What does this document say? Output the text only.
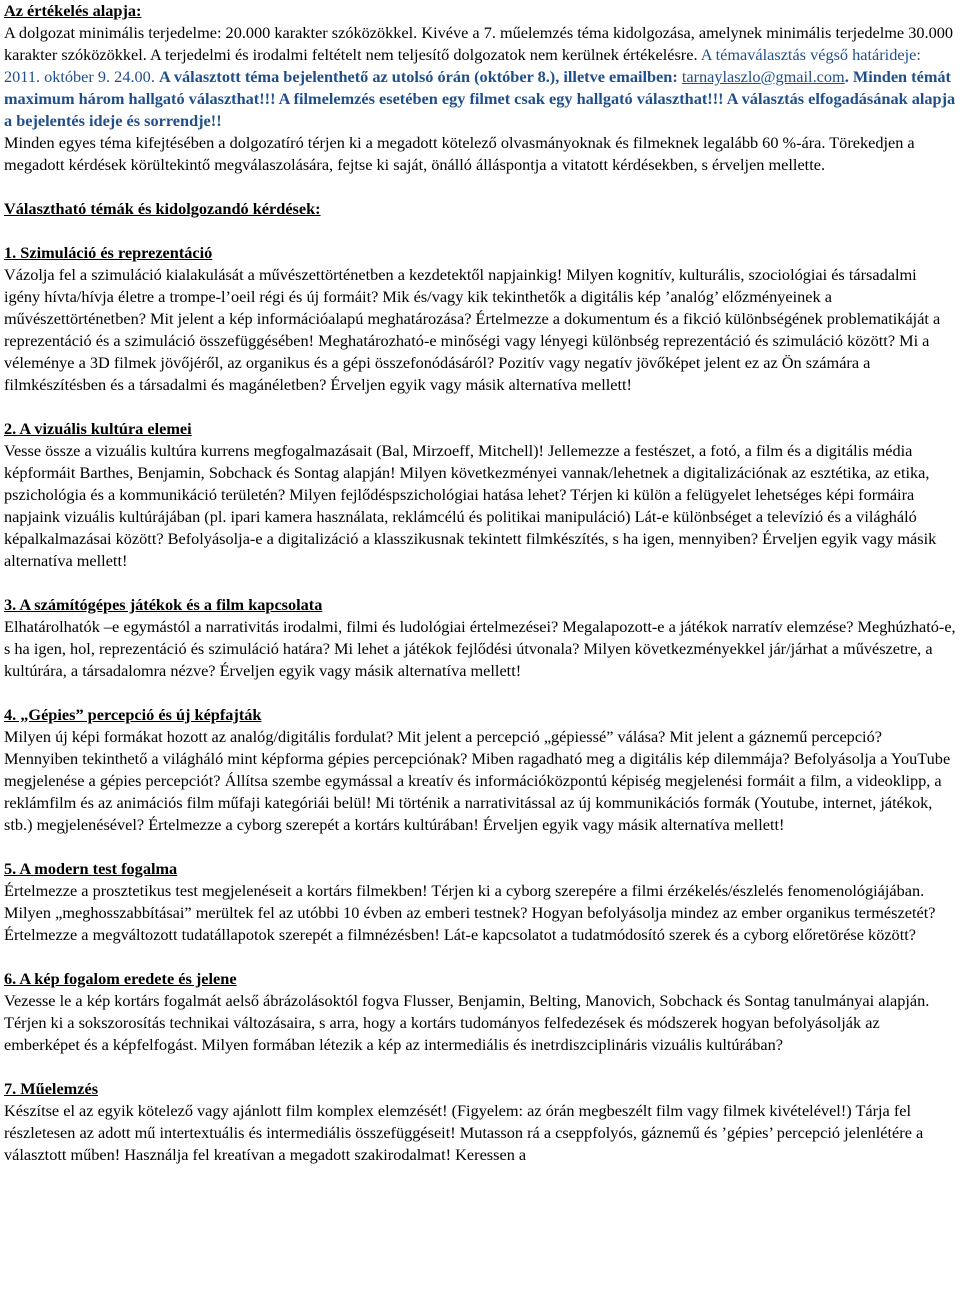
Az értékelés alapja:

A dolgozat minimális terjedelme: 20.000 karakter szóközökkel. Kivéve a 7. műelemzés téma kidolgozása, amelynek minimális terjedelme 30.000 karakter szóközökkel. A terjedelmi és irodalmi feltételt nem teljesítő dolgozatok nem kerülnek értékelésre. A témaválasztás végső határideje: 2011. október 9. 24.00. A választott téma bejelenthető az utolsó órán (október 8.), illetve emailben: tarnaylaszlo@gmail.com. Minden témát maximum három hallgató választhat!!! A filmelemzés esetében egy filmet csak egy hallgató választhat!!! A választás elfogadásának alapja a bejelentés ideje és sorrendje!!

Minden egyes téma kifejtésében a dolgozatíró térjen ki a megadott kötelező olvasmányoknak és filmeknek legalább 60 %-ára. Törekedjen a megadott kérdések körültekintő megválaszolására, fejtse ki saját, önálló álláspontja a vitatott kérdésekben, s érveljen mellette.

Választható témák és kidolgozandó kérdések:

1. Szimuláció és reprezentáció

Vázolja fel a szimuláció kialakulását a művészettörténetben a kezdetektől napjainkig! Milyen kognitív, kulturális, szociológiai és társadalmi igény hívta/hívja életre a trompe-l’oeil régi és új formáit? Mik és/vagy kik tekinthetők a digitális kép ’analóg’ előzményeinek a művészettörténetben? Mit jelent a kép információalapú meghatározása? Értelmezze a dokumentum és a fikció különbségének problematikáját a reprezentáció és a szimuláció összefüggésében! Meghatározható-e minőségi vagy lényegi különbség reprezentáció és szimuláció között? Mi a véleménye a 3D filmek jövőjéről, az organikus és a gépi összefonódásáról? Pozitív vagy negatív jövőképet jelent ez az Ön számára a filmkészítésben és a társadalmi és magánéletben? Érveljen egyik vagy másik alternatíva mellett!

2. A vizuális kultúra elemei

Vesse össze a vizuális kultúra kurrens megfogalmazásait (Bal, Mirzoeff, Mitchell)! Jellemezze a festészet, a fotó, a film és a digitális média képformáit Barthes, Benjamin, Sobchack és Sontag alapján! Milyen következményei vannak/lehetnek a digitalizációnak az esztétika, az etika, pszichológia és a kommunikáció területén? Milyen fejlődéspszichológiai hatása lehet? Térjen ki külön a felügyelet lehetséges képi formáira napjaink vizuális kultúrájában (pl. ipari kamera használata, reklámcélú és politikai manipuláció) Lát-e különbséget a televízió és a világháló képalkalmazásai között? Befolyásolja-e a digitalizáció a klasszikusnak tekintett filmkészítés, s ha igen, mennyiben? Érveljen egyik vagy másik alternatíva mellett!

3. A számítógépes játékok és a film kapcsolata

Elhatárolhatók –e egymástól a narrativitás irodalmi, filmi és ludológiai értelmezései? Megalapozott-e a játékok narratív elemzése? Meghúzható-e, s ha igen, hol, reprezentáció és szimuláció határa? Mi lehet a játékok fejlődési útvonala? Milyen következményekkel jár/járhat a művészetre, a kultúrára, a társadalomra nézve? Érveljen egyik vagy másik alternatíva mellett!

4. „Gépies” percepció és új képfajták

Milyen új képi formákat hozott az analóg/digitális fordulat? Mit jelent a percepció „gépiessé” válása? Mit jelent a gáznemű percepció? Mennyiben tekinthető a világháló mint képforma gépies percepciónak? Miben ragadható meg a digitális kép dilemmája? Befolyásolja a YouTube megjelenése a gépies percepciót? Állítsa szembe egymással a kreatív és információközpontú képiség megjelenési formáit a film, a videoklipp, a reklámfilm és az animációs film műfaji kategóriái belül! Mi történik a narrativitással az új kommunikációs formák (Youtube, internet, játékok, stb.) megjelenésével? Értelmezze a cyborg szerepét a kortárs kultúrában! Érveljen egyik vagy másik alternatíva mellett!

5. A modern test fogalma

Értelmezze a prosztetikus test megjelenéseit a kortárs filmekben! Térjen ki a cyborg szerepére a filmi érzékelés/észlelés fenomenológiájában. Milyen „meghosszabbításai” merültek fel az utóbbi 10 évben az emberi testnek? Hogyan befolyásolja mindez az ember organikus természetét? Értelmezze a megváltozott tudatállapotok szerepét a filmnézésben! Lát-e kapcsolatot a tudatmódosító szerek és a cyborg előretörése között?

6. A kép fogalom eredete és jelene

Vezesse le a kép kortárs fogalmát aelső ábrázolásoktól fogva Flusser, Benjamin, Belting, Manovich, Sobchack és Sontag tanulmányai alapján. Térjen ki a sokszorosítás technikai változásaira, s arra, hogy a kortárs tudományos felfedezések és módszerek hogyan befolyásolják az emberképet és a képfelfogást. Milyen formában létezik a kép az intermediális és inetrdiszciplináris vizuális kultúrában?

7. Műelemzés

Készítse el az egyik kötelező vagy ajánlott film komplex elemzését! (Figyelem: az órán megbeszélt film vagy filmek kivételével!) Tárja fel részletesen az adott mű intertextuális és intermediális összefüggéseit! Mutasson rá a cseppfolyós, gáznemű és ’gépies’ percepció jelenlétére a választott műben! Használja fel kreatívan a megadott szakirodalmat! Keressen a
